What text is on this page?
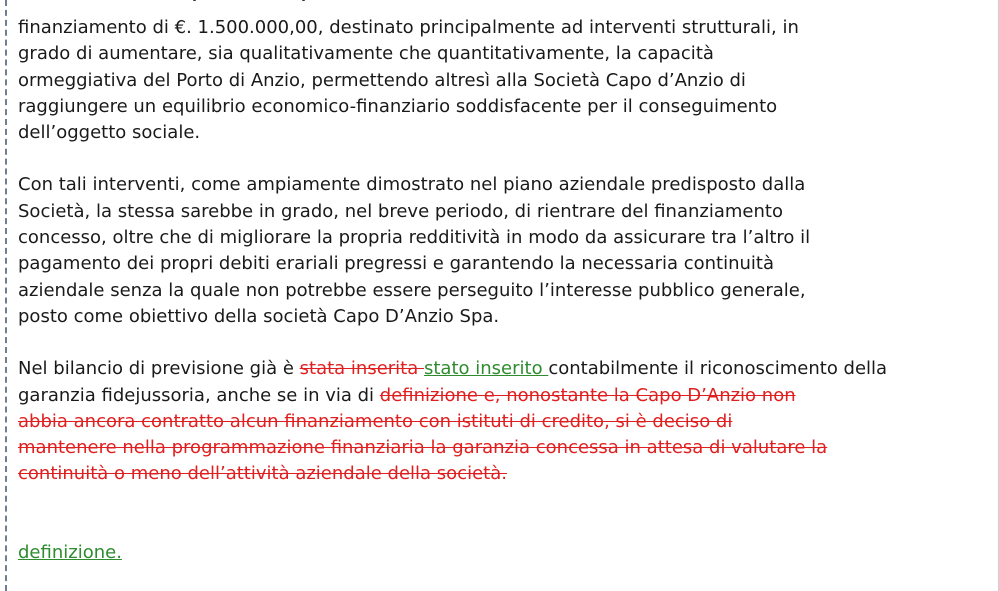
finanziamento di €. 1.500.000,00, destinato principalmente ad interventi strutturali, in
grado di aumentare, sia qualitativamente che quantitativamente, la capacità
ormeggiativa del Porto di Anzio, permettendo altresì alla Società Capo d’Anzio di
raggiungere un equilibrio economico-finanziario soddisfacente per il conseguimento
dell’oggetto sociale.
Con tali interventi, come ampiamente dimostrato nel piano aziendale predisposto dalla
Società, la stessa sarebbe in grado, nel breve periodo, di rientrare del finanziamento
concesso, oltre che di migliorare la propria redditività in modo da assicurare tra l’altro il
pagamento dei propri debiti erariali pregressi e garantendo la necessaria continuità
aziendale senza la quale non potrebbe essere perseguito l’interesse pubblico generale,
posto come obiettivo della società Capo D’Anzio Spa.
Nel bilancio di previsione già è stata inserita stato inserito contabilmente il riconoscimento della
garanzia fidejussoria, anche se in via di definizione e, nonostante la Capo D’Anzio non
abbia ancora contratto alcun finanziamento con istituti di credito, si è deciso di
mantenere nella programmazione finanziaria la garanzia concessa in attesa di valutare la
continuità o meno dell’attività aziendale della società.
definizione.
